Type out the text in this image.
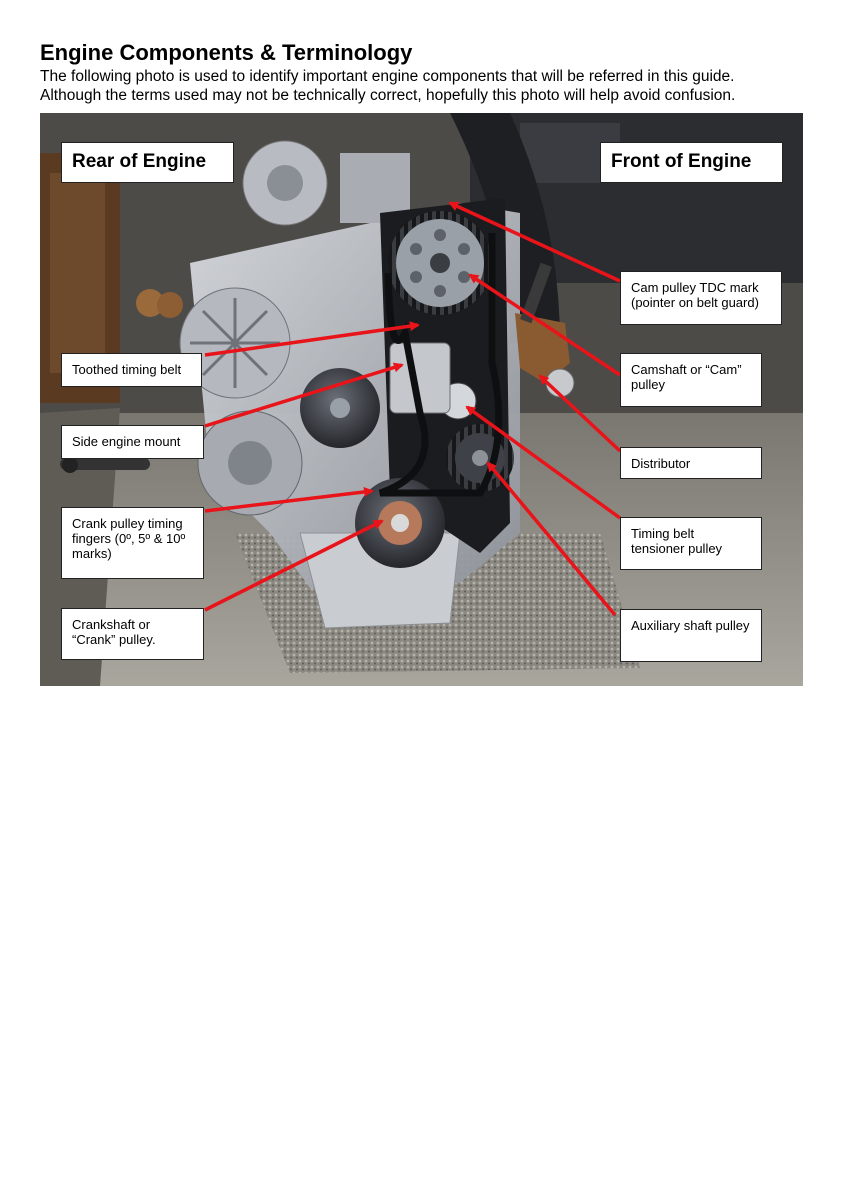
Engine Components & Terminology
The following photo is used to identify important engine components that will be referred in this guide.
Although the terms used may not be technically correct, hopefully this photo will help avoid confusion.
Rear of Engine	Front of Engine
Toothed timing belt
Side engine mount
Crank pulley timing fingers (0º, 5º & 10º marks)
Crankshaft or “Crank” pulley.
Cam pulley TDC mark (pointer on belt guard)
Camshaft or “Cam” pulley
Distributor
Timing belt tensioner pulley
Auxiliary shaft pulley
